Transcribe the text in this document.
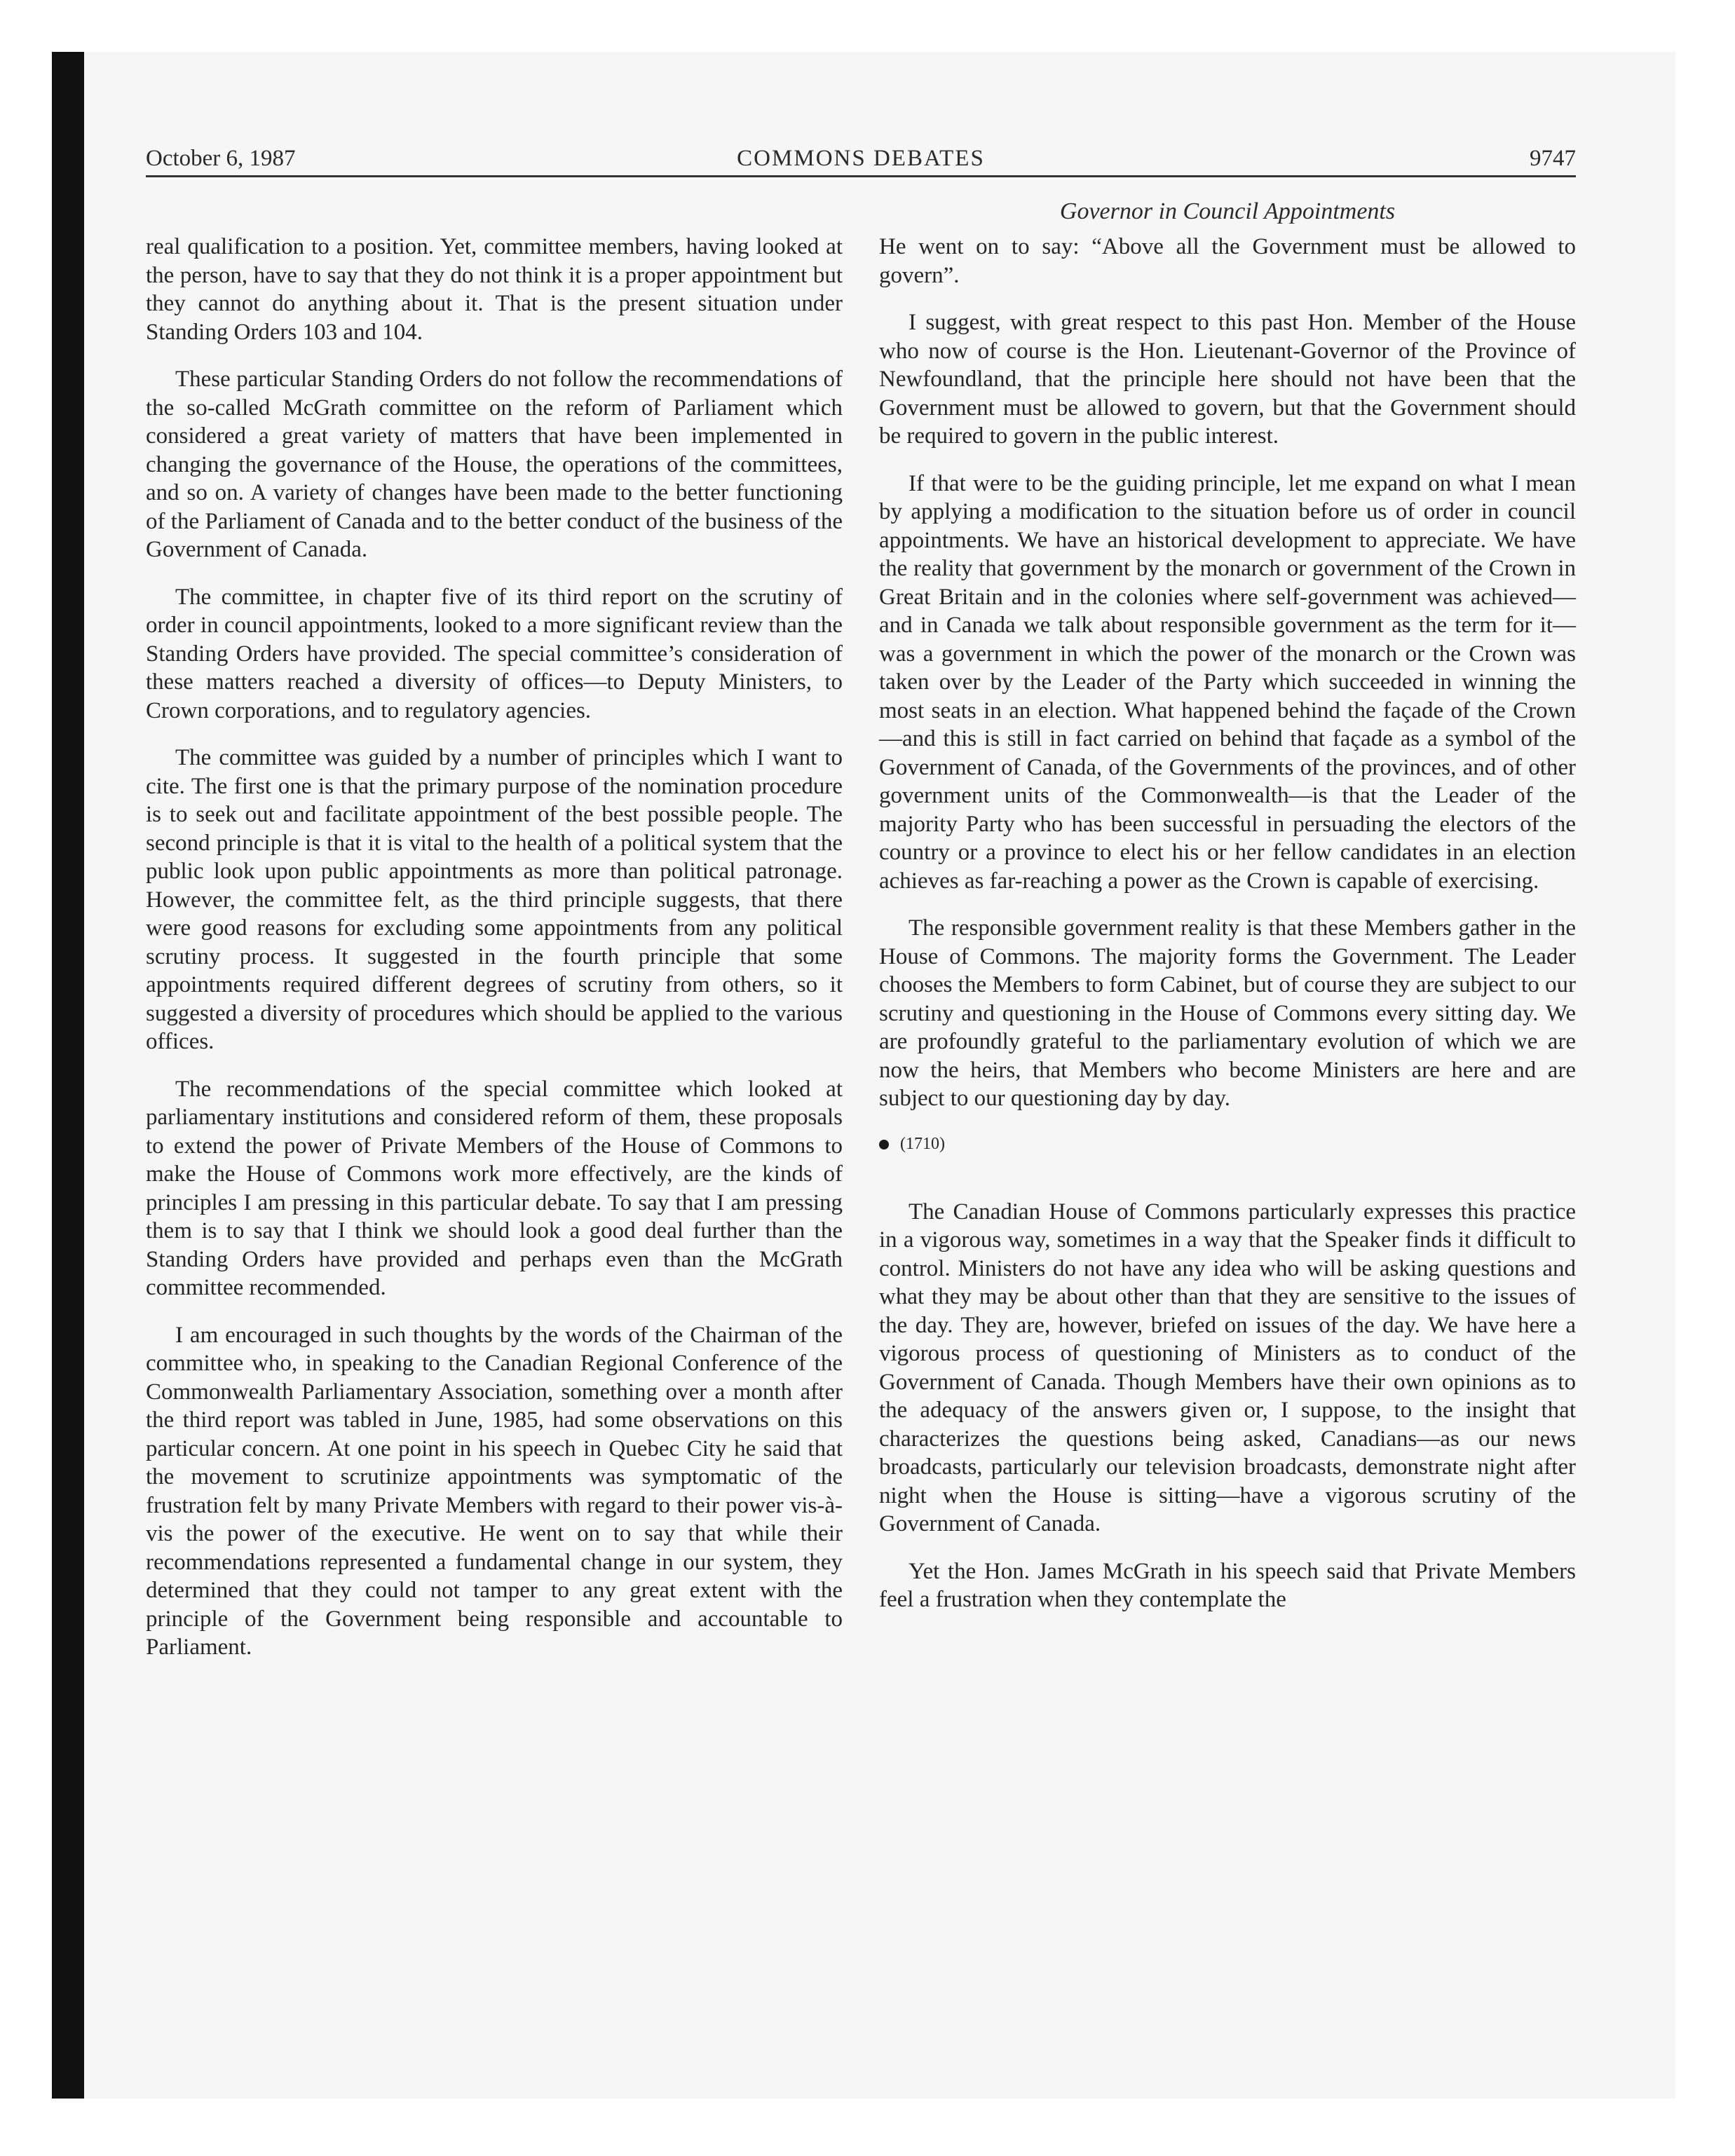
October 6, 1987	COMMONS DEBATES	9747
Governor in Council Appointments

real qualification to a position. Yet, committee members, having looked at the person, have to say that they do not think it is a proper appointment but they cannot do anything about it. That is the present situation under Standing Orders 103 and 104.

These particular Standing Orders do not follow the recommendations of the so-called McGrath committee on the reform of Parliament which considered a great variety of matters that have been implemented in changing the governance of the House, the operations of the committees, and so on. A variety of changes have been made to the better functioning of the Parliament of Canada and to the better conduct of the business of the Government of Canada.

The committee, in chapter five of its third report on the scrutiny of order in council appointments, looked to a more significant review than the Standing Orders have provided. The special committee’s consideration of these matters reached a diversity of offices—to Deputy Ministers, to Crown corporations, and to regulatory agencies.

The committee was guided by a number of principles which I want to cite. The first one is that the primary purpose of the nomination procedure is to seek out and facilitate appointment of the best possible people. The second principle is that it is vital to the health of a political system that the public look upon public appointments as more than political patronage. However, the committee felt, as the third principle suggests, that there were good reasons for excluding some appointments from any political scrutiny process. It suggested in the fourth principle that some appointments required different degrees of scrutiny from others, so it suggested a diversity of procedures which should be applied to the various offices.

The recommendations of the special committee which looked at parliamentary institutions and considered reform of them, these proposals to extend the power of Private Members of the House of Commons to make the House of Commons work more effectively, are the kinds of principles I am pressing in this particular debate. To say that I am pressing them is to say that I think we should look a good deal further than the Standing Orders have provided and perhaps even than the McGrath committee recommended.

I am encouraged in such thoughts by the words of the Chairman of the committee who, in speaking to the Canadian Regional Conference of the Commonwealth Parliamentary Association, something over a month after the third report was tabled in June, 1985, had some observations on this particular concern. At one point in his speech in Quebec City he said that the movement to scrutinize appointments was symptomatic of the frustration felt by many Private Members with regard to their power vis-à-vis the power of the executive. He went on to say that while their recommendations represented a fundamental change in our system, they determined that they could not tamper to any great extent with the principle of the Government being responsible and accountable to Parliament.

He went on to say: “Above all the Government must be allowed to govern”.

I suggest, with great respect to this past Hon. Member of the House who now of course is the Hon. Lieutenant-Governor of the Province of Newfoundland, that the principle here should not have been that the Government must be allowed to govern, but that the Government should be required to govern in the public interest.

If that were to be the guiding principle, let me expand on what I mean by applying a modification to the situation before us of order in council appointments. We have an historical development to appreciate. We have the reality that government by the monarch or government of the Crown in Great Britain and in the colonies where self-government was achieved—and in Canada we talk about responsible government as the term for it—was a government in which the power of the monarch or the Crown was taken over by the Leader of the Party which succeeded in winning the most seats in an election. What happened behind the façade of the Crown—and this is still in fact carried on behind that façade as a symbol of the Government of Canada, of the Governments of the provinces, and of other government units of the Commonwealth—is that the Leader of the majority Party who has been successful in persuading the electors of the country or a province to elect his or her fellow candidates in an election achieves as far-reaching a power as the Crown is capable of exercising.

The responsible government reality is that these Members gather in the House of Commons. The majority forms the Government. The Leader chooses the Members to form Cabinet, but of course they are subject to our scrutiny and questioning in the House of Commons every sitting day. We are profoundly grateful to the parliamentary evolution of which we are now the heirs, that Members who become Ministers are here and are subject to our questioning day by day.

(1710)

The Canadian House of Commons particularly expresses this practice in a vigorous way, sometimes in a way that the Speaker finds it difficult to control. Ministers do not have any idea who will be asking questions and what they may be about other than that they are sensitive to the issues of the day. They are, however, briefed on issues of the day. We have here a vigorous process of questioning of Ministers as to conduct of the Government of Canada. Though Members have their own opinions as to the adequacy of the answers given or, I suppose, to the insight that characterizes the questions being asked, Canadians—as our news broadcasts, particularly our television broadcasts, demonstrate night after night when the House is sitting—have a vigorous scrutiny of the Government of Canada.

Yet the Hon. James McGrath in his speech said that Private Members feel a frustration when they contemplate the
